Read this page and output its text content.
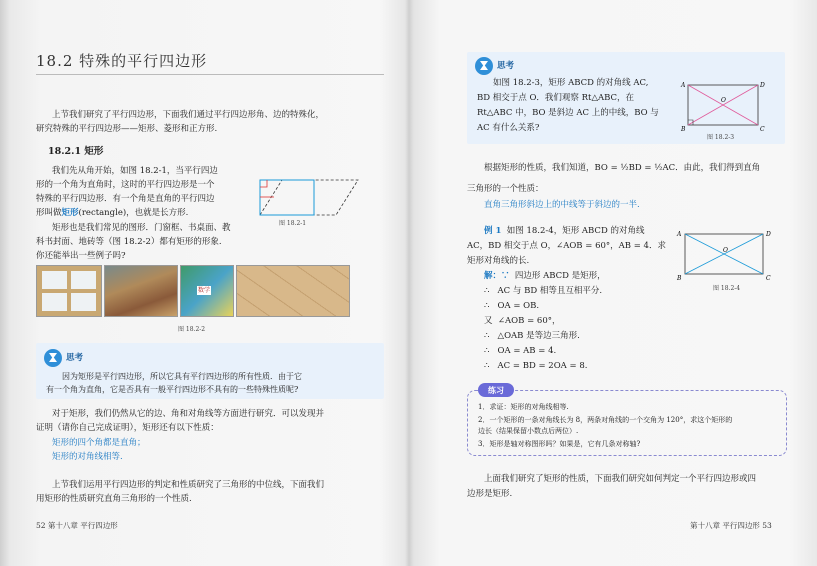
18.2 特殊的平行四边形
上节我们研究了平行四边形，下面我们通过平行四边形角、边的特殊化，
研究特殊的平行四边形——矩形、菱形和正方形.
18.2.1 矩形
我们先从角开始，如图 18.2-1，当平行四边
形的一个角为直角时，这时的平行四边形是一个
特殊的平行四边形．有一个角是直角的平行四边
形叫做矩形(rectangle)，也就是长方形.
矩形也是我们常见的图形．门窗框、书桌面、教
科书封面、地砖等（图 18.2-2）都有矩形的形象.
你还能举出一些例子吗?
图 18.2-1
数学
图 18.2-2
思考
因为矩形是平行四边形，所以它具有平行四边形的所有性质．由于它
有一个角为直角，它是否具有一般平行四边形不具有的一些特殊性质呢?
对于矩形，我们仍然从它的边、角和对角线等方面进行研究．可以发现并
证明（请你自己完成证明），矩形还有以下性质：
矩形的四个角都是直角；
矩形的对角线相等.
上节我们运用平行四边形的判定和性质研究了三角形的中位线，下面我们
用矩形的性质研究直角三角形的一个性质.
52 第十八章 平行四边形
思考
如图 18.2-3，矩形 ABCD 的对角线 AC,
BD 相交于点 O．我们观察 Rt△ABC，在
Rt△ABC 中，BO 是斜边 AC 上的中线，BO 与
AC 有什么关系?
A	D
B	C
O
图 18.2-3
根据矩形的性质，我们知道，BO = ½BD = ½AC．由此，我们得到直角
三角形的一个性质：
直角三角形斜边上的中线等于斜边的一半.
例 1 如图 18.2-4，矩形 ABCD 的对角线
AC，BD 相交于点 O，∠AOB = 60°，AB = 4．求
矩形对角线的长.
解：∵ 四边形 ABCD 是矩形，
∴ AC 与 BD 相等且互相平分.
∴ OA = OB.
又 ∠AOB = 60°，
∴ △OAB 是等边三角形.
∴ OA = AB = 4.
∴ AC = BD = 2OA = 8.
A	D
B	C
O
图 18.2-4
练习
1．求证：矩形的对角线相等.
2．一个矩形的一条对角线长为 8，两条对角线的一个交角为 120°，求这个矩形的
边长（结果保留小数点后两位）.
3．矩形是轴对称图形吗？如果是，它有几条对称轴?
上面我们研究了矩形的性质，下面我们研究如何判定一个平行四边形或四
边形是矩形.
第十八章 平行四边形 53
